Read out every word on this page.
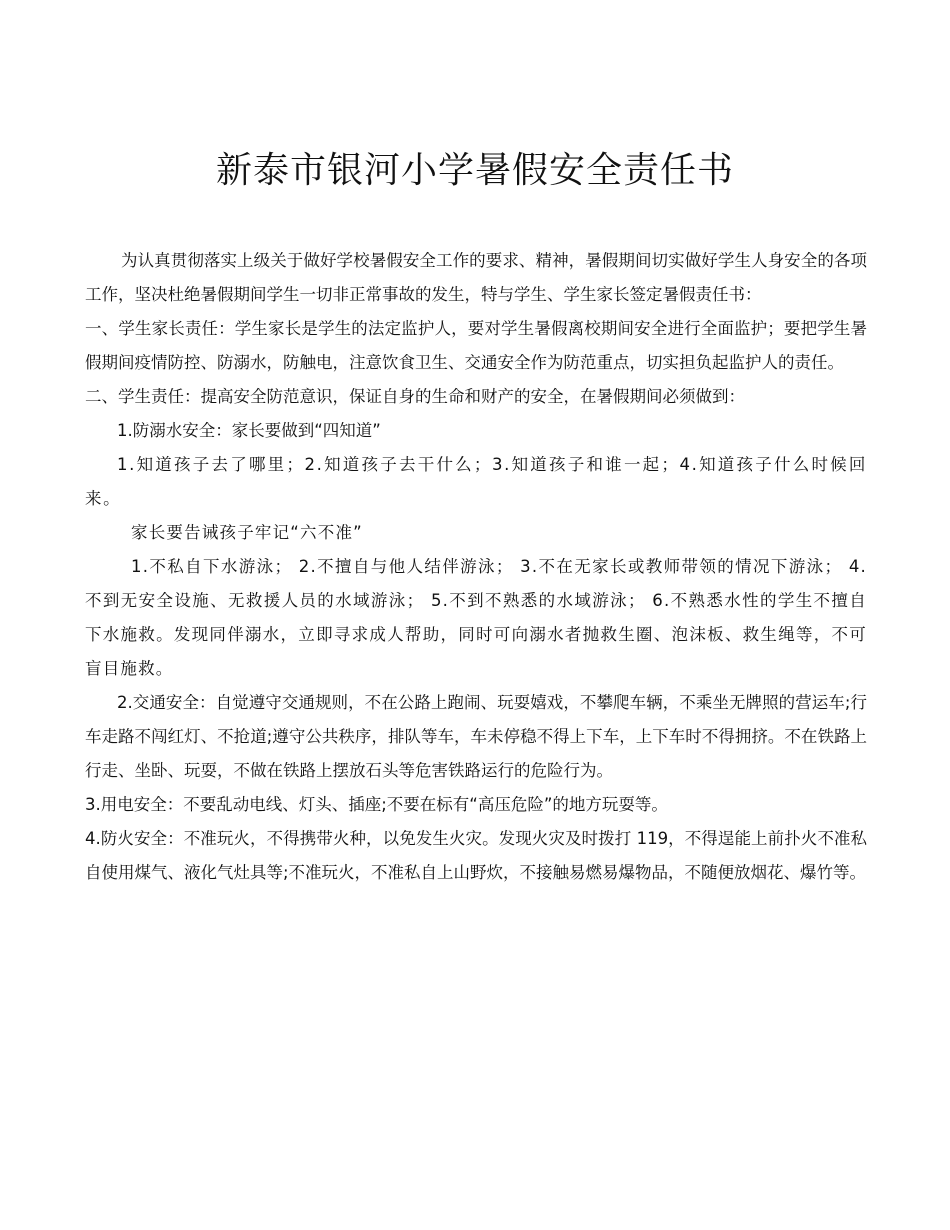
新泰市银河小学暑假安全责任书

为认真贯彻落实上级关于做好学校暑假安全工作的要求、精神，暑假期间切实做好学生人身安全的各项工作，坚决杜绝暑假期间学生一切非正常事故的发生，特与学生、学生家长签定暑假责任书：

一、学生家长责任：学生家长是学生的法定监护人，要对学生暑假离校期间安全进行全面监护；要把学生暑假期间疫情防控、防溺水，防触电，注意饮食卫生、交通安全作为防范重点，切实担负起监护人的责任。

二、学生责任：提高安全防范意识，保证自身的生命和财产的安全，在暑假期间必须做到：

1.防溺水安全：家长要做到“四知道”

1.知道孩子去了哪里；2.知道孩子去干什么；3.知道孩子和谁一起；4.知道孩子什么时候回来。

家长要告诫孩子牢记“六不准”

1.不私自下水游泳； 2.不擅自与他人结伴游泳； 3.不在无家长或教师带领的情况下游泳； 4.不到无安全设施、无救援人员的水域游泳； 5.不到不熟悉的水域游泳； 6.不熟悉水性的学生不擅自下水施救。发现同伴溺水，立即寻求成人帮助，同时可向溺水者抛救生圈、泡沫板、救生绳等，不可盲目施救。

2.交通安全：自觉遵守交通规则，不在公路上跑闹、玩耍嬉戏，不攀爬车辆，不乘坐无牌照的营运车;行车走路不闯红灯、不抢道;遵守公共秩序，排队等车，车未停稳不得上下车，上下车时不得拥挤。不在铁路上行走、坐卧、玩耍，不做在铁路上摆放石头等危害铁路运行的危险行为。

3.用电安全：不要乱动电线、灯头、插座;不要在标有“高压危险”的地方玩耍等。

4.防火安全：不准玩火，不得携带火种，以免发生火灾。发现火灾及时拨打 119，不得逞能上前扑火不准私自使用煤气、液化气灶具等;不准玩火，不准私自上山野炊，不接触易燃易爆物品，不随便放烟花、爆竹等。
